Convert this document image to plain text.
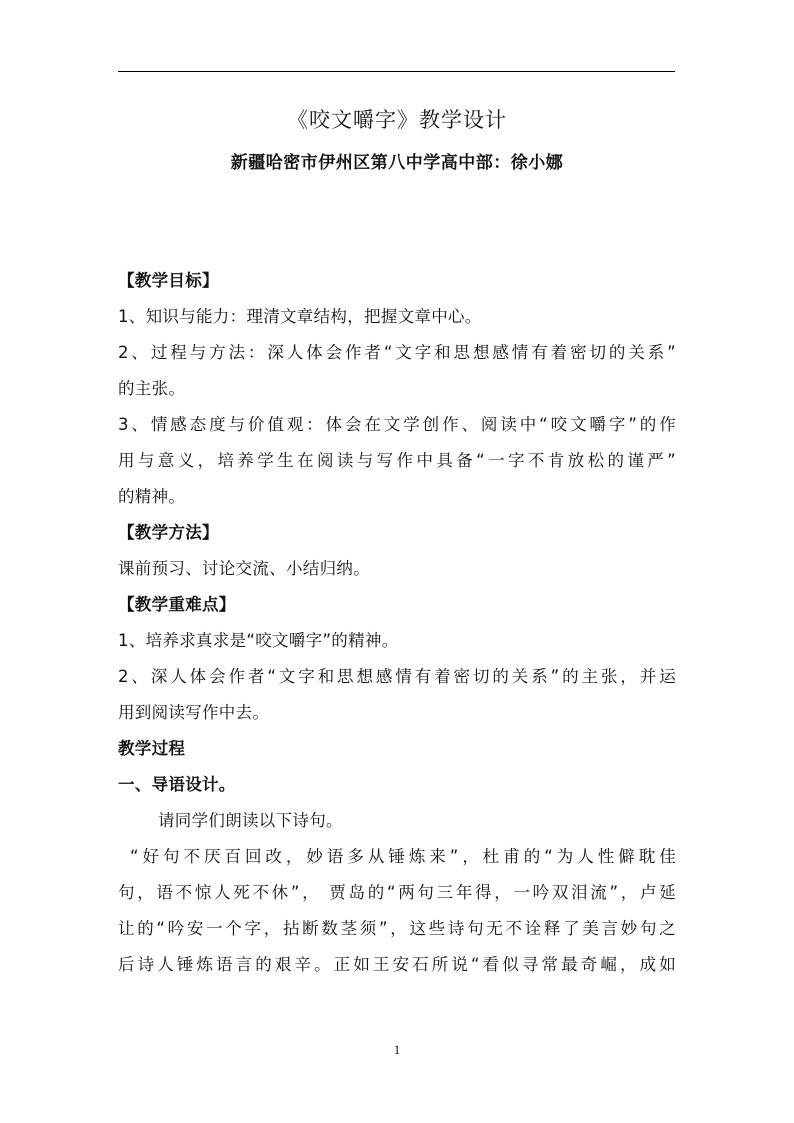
《咬文嚼字》教学设计
新疆哈密市伊州区第八中学高中部：徐小娜
【教学目标】
1、知识与能力：理清文章结构，把握文章中心。
2、过程与方法：深人体会作者“文字和思想感情有着密切的关系”
的主张。
3、情感态度与价值观：体会在文学创作、阅读中“咬文嚼字”的作
用与意义，培养学生在阅读与写作中具备“一字不肯放松的谨严”
的精神。
【教学方法】
课前预习、讨论交流、小结归纳。
【教学重难点】
1、培养求真求是“咬文嚼字”的精神。
2、深人体会作者“文字和思想感情有着密切的关系”的主张，并运
用到阅读写作中去。
教学过程
一、导语设计。
请同学们朗读以下诗句。
“好句不厌百回改，妙语多从锤炼来”，杜甫的“为人性僻耽佳
句，语不惊人死不休”， 贾岛的“两句三年得，一吟双泪流”，卢延
让的“吟安一个字，拈断数茎须”，这些诗句无不诠释了美言妙句之
后诗人锤炼语言的艰辛。正如王安石所说“看似寻常最奇崛，成如
1
